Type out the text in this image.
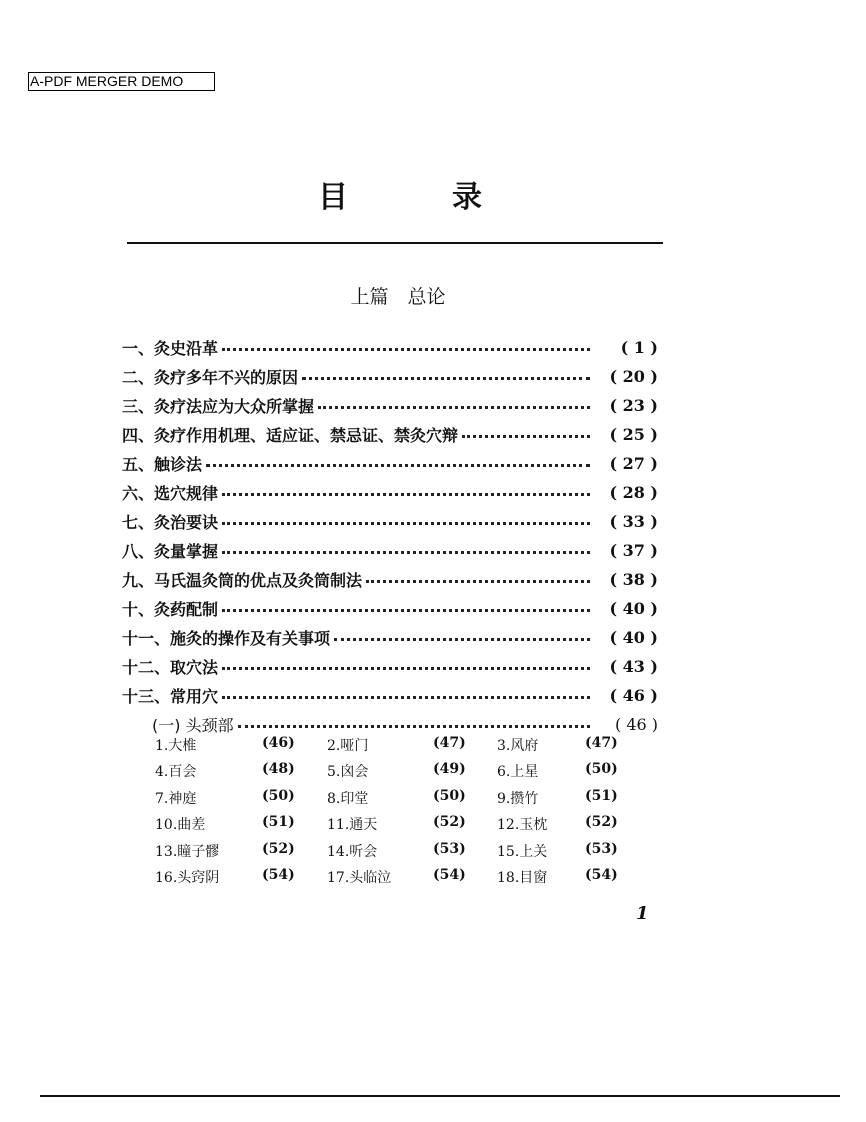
A-PDF MERGER DEMO
目	录
上篇　总论
一、灸史沿革	( 1 )
二、灸疗多年不兴的原因	( 20 )
三、灸疗法应为大众所掌握	( 23 )
四、灸疗作用机理、适应证、禁忌证、禁灸穴辩	( 25 )
五、触诊法	( 27 )
六、选穴规律	( 28 )
七、灸治要诀	( 33 )
八、灸量掌握	( 37 )
九、马氏温灸筒的优点及灸筒制法	( 38 )
十、灸药配制	( 40 )
十一、施灸的操作及有关事项	( 40 )
十二、取穴法	( 43 )
十三、常用穴	( 46 )
(一) 头颈部	( 46 )
1.大椎	(46) 2.哑门	(47) 3.风府	(47)
4.百会	(48) 5.囟会	(49) 6.上星	(50)
7.神庭	(50) 8.印堂	(50) 9.攒竹	(51)
10.曲差	(51) 11.通天	(52) 12.玉枕	(52)
13.瞳子髎	(52) 14.听会	(53) 15.上关	(53)
16.头窍阴	(54) 17.头临泣	(54) 18.目窗	(54)
1
